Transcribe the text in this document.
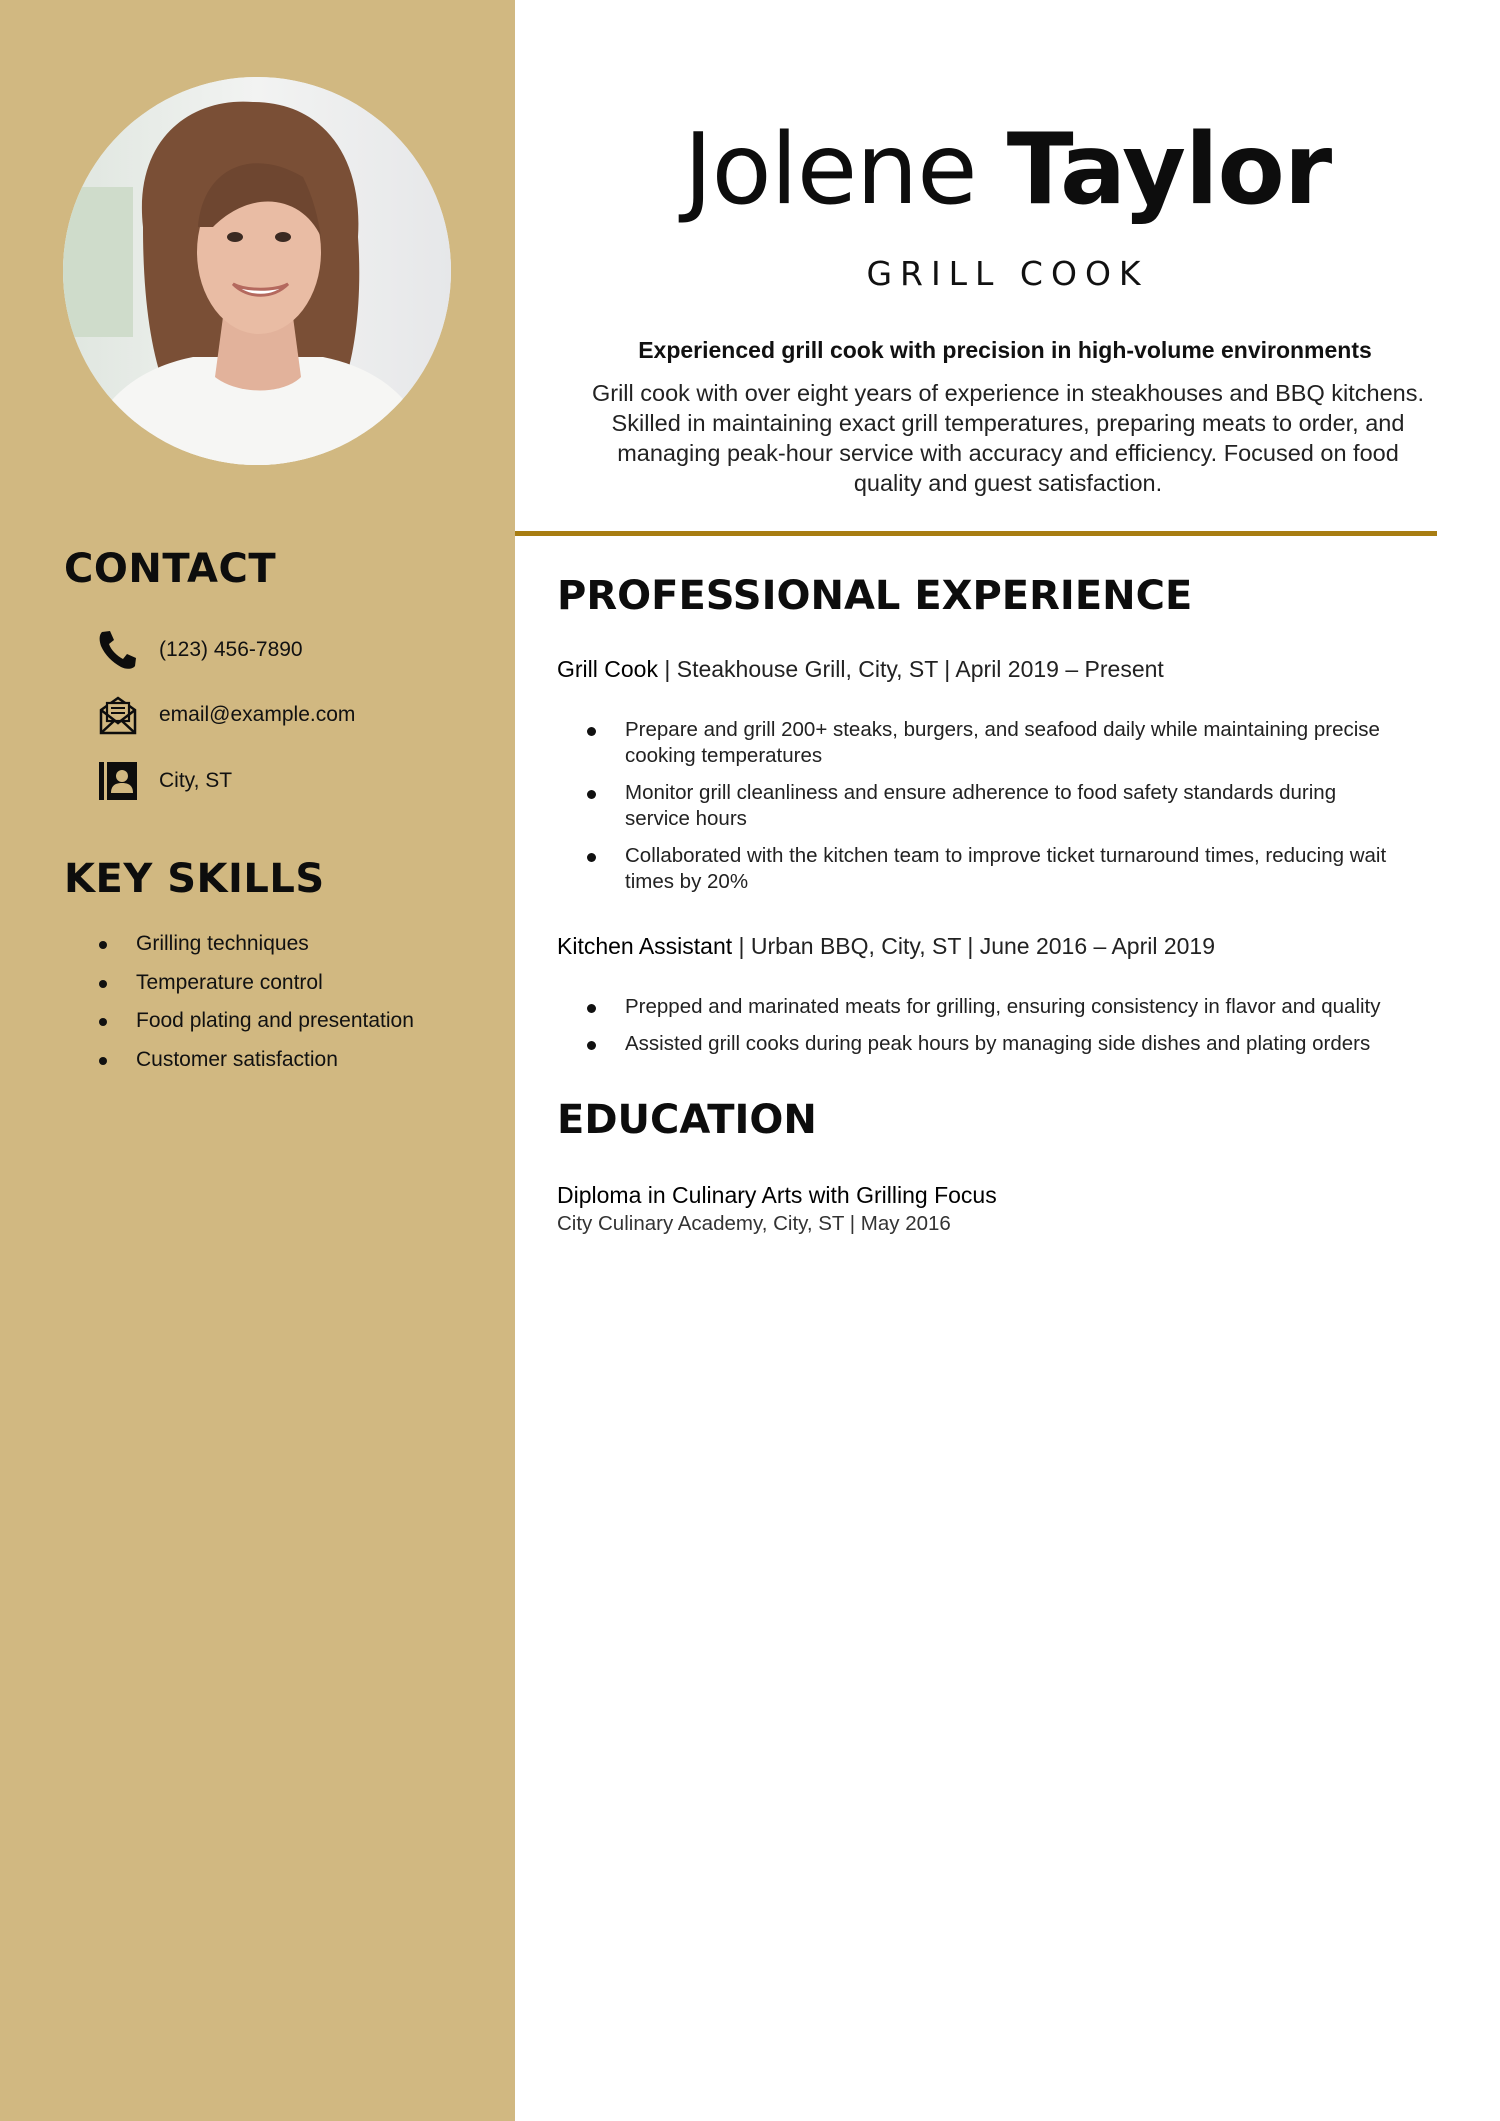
CONTACT
(123) 456-7890
email@example.com
City, ST
KEY SKILLS
Grilling techniques
Temperature control
Food plating and presentation
Customer satisfaction
Jolene Taylor
GRILL COOK
Experienced grill cook with precision in high-volume environments

Grill cook with over eight years of experience in steakhouses and BBQ kitchens. Skilled in maintaining exact grill temperatures, preparing meats to order, and managing peak-hour service with accuracy and efficiency. Focused on food quality and guest satisfaction.

PROFESSIONAL EXPERIENCE
Grill Cook | Steakhouse Grill, City, ST | April 2019 – Present
Prepare and grill 200+ steaks, burgers, and seafood daily while maintaining precise cooking temperatures
Monitor grill cleanliness and ensure adherence to food safety standards during service hours
Collaborated with the kitchen team to improve ticket turnaround times, reducing wait times by 20%
Kitchen Assistant | Urban BBQ, City, ST | June 2016 – April 2019
Prepped and marinated meats for grilling, ensuring consistency in flavor and quality
Assisted grill cooks during peak hours by managing side dishes and plating orders
EDUCATION
Diploma in Culinary Arts with Grilling Focus
City Culinary Academy, City, ST | May 2016
